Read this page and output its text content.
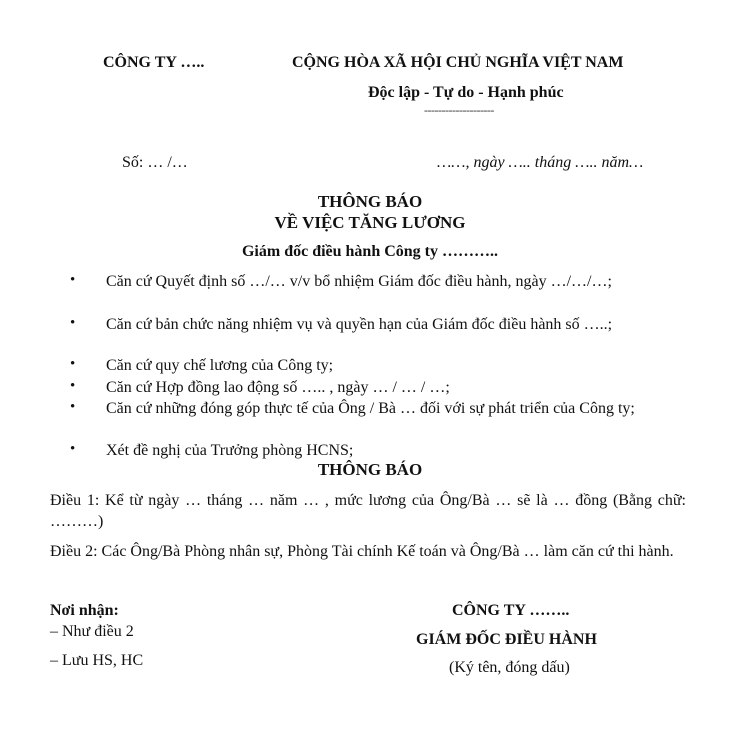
CÔNG TY …..	CỘNG HÒA XÃ HỘI CHỦ NGHĨA VIỆT NAM
Độc lập - Tự do - Hạnh phúc
--------------------
Số: … /…	……, ngày ….. tháng ….. năm…
THÔNG BÁO
VỀ VIỆC TĂNG LƯƠNG
Giám đốc điều hành Công ty ………..
•	Căn cứ Quyết định số …/… v/v bổ nhiệm Giám đốc điều hành, ngày …/…/…;
•	Căn cứ bản chức năng nhiệm vụ và quyền hạn của Giám đốc điều hành số …..;
•	Căn cứ quy chế lương của Công ty;
•	Căn cứ Hợp đồng lao động số ….. , ngày … / … / …;
•	Căn cứ những đóng góp thực tế của Ông / Bà … đối với sự phát triển của Công ty;
•	Xét đề nghị của Trưởng phòng HCNS;
THÔNG BÁO
Điều 1: Kể từ ngày … tháng … năm … , mức lương của Ông/Bà … sẽ là … đồng (Bằng chữ: ………)
Điều 2: Các Ông/Bà Phòng nhân sự, Phòng Tài chính Kế toán và Ông/Bà … làm căn cứ thi hành.
Nơi nhận:
– Như điều 2
– Lưu HS, HC
CÔNG TY ……..
GIÁM ĐỐC ĐIỀU HÀNH
(Ký tên, đóng dấu)
